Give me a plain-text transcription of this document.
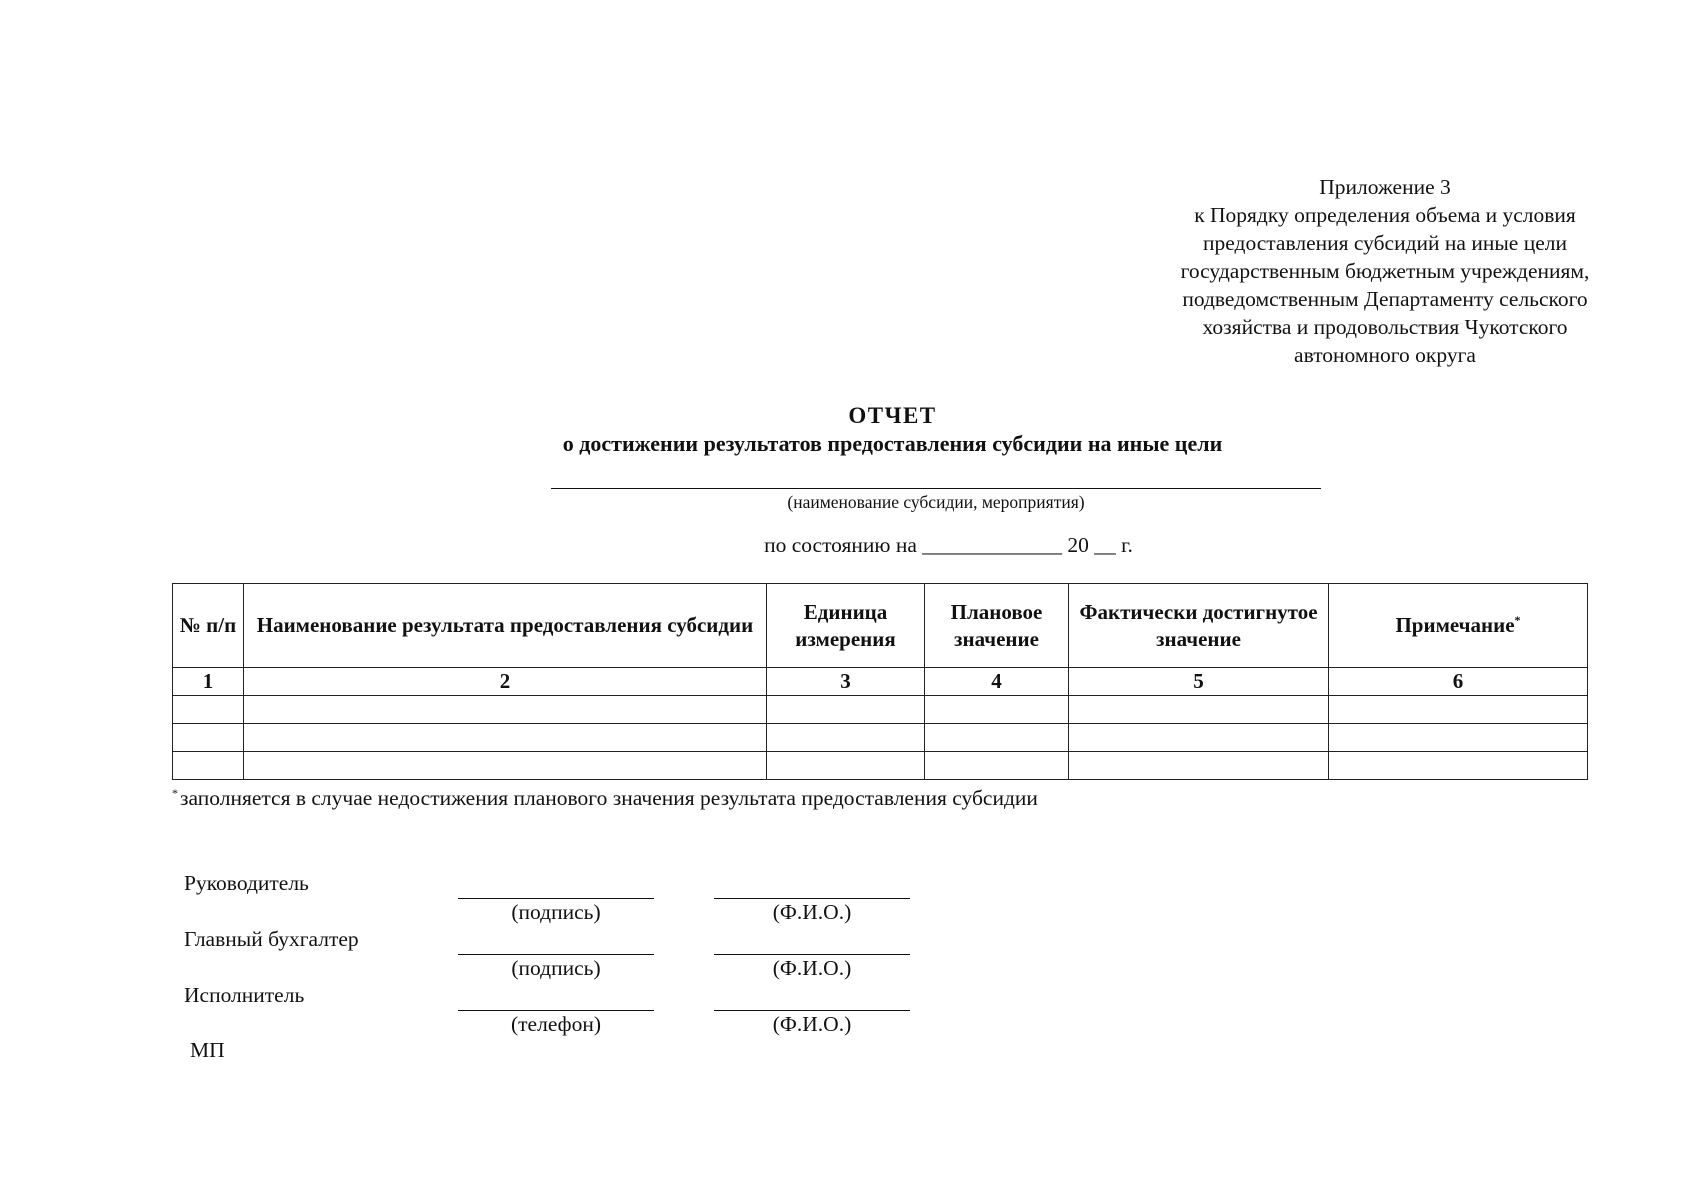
Приложение 3
к Порядку определения объема и условия
предоставления субсидий на иные цели
государственным бюджетным учреждениям,
подведомственным Департаменту сельского
хозяйства и продовольствия Чукотского
автономного округа
ОТЧЕТ
о достижении результатов предоставления субсидии на иные цели
(наименование субсидии, мероприятия)
по состоянию на _____________ 20 __ г.
№ п/п	Наименование результата предоставления субсидии	Единица измерения	Плановое значение	Фактически достигнутое значение	Примечание*
1	2	3	4	5	6

*заполняется в случае недостижения планового значения результата предоставления субсидии
Руководитель
(подпись)	(Ф.И.О.)
Главный бухгалтер
(подпись)	(Ф.И.О.)
Исполнитель
(телефон)	(Ф.И.О.)
МП
